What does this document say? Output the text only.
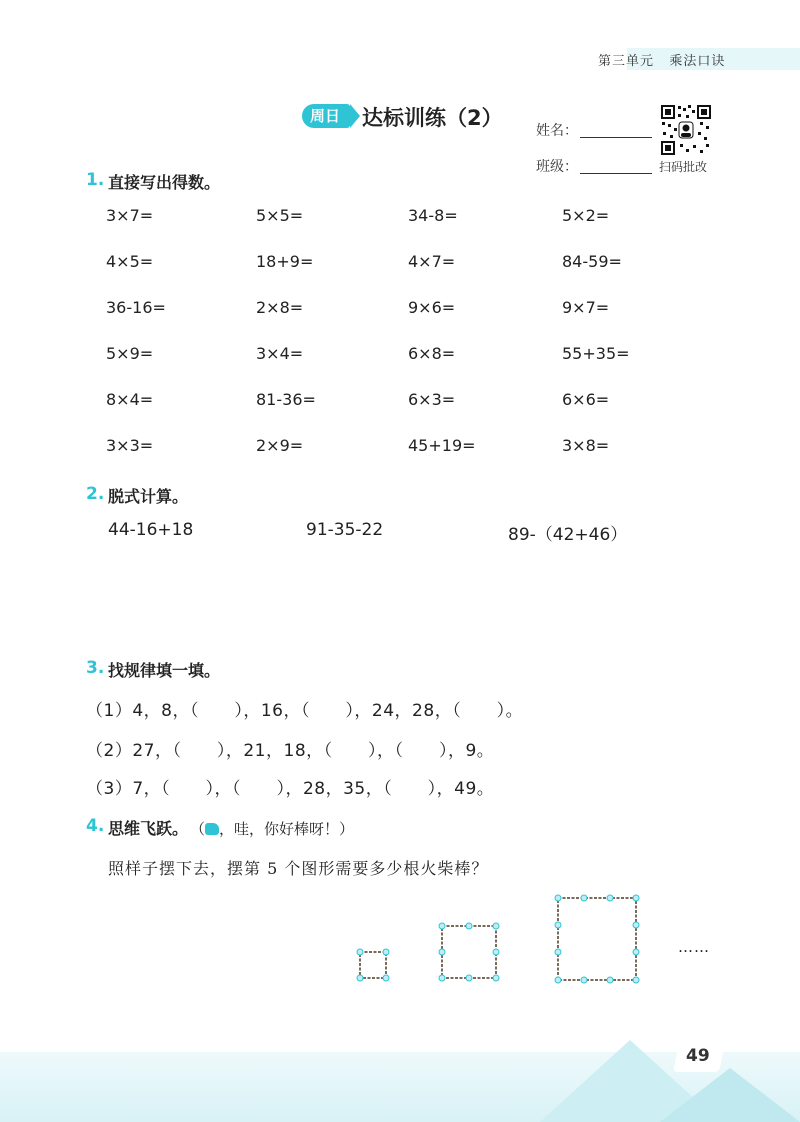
第三单元   乘法口诀
周日	达标训练（2）
姓名：
班级：	扫码批改
1. 直接写出得数。
3×7=	5×5=	34-8=	5×2=
4×5=	18+9=	4×7=	84-59=
36-16=	2×8=	9×6=	9×7=
5×9=	3×4=	6×8=	55+35=
8×4=	81-36=	6×3=	6×6=
3×3=	2×9=	45+19=	3×8=
2. 脱式计算。
44-16+18	91-35-22	89-（42+46）
3. 找规律填一填。
（1）4，8，（      ），16，（      ），24，28，（      ）。
（2）27，（      ），21，18，（      ），（      ），9。
（3）7，（      ），（      ），28，35，（      ），49。
4. 思维飞跃。 （ ，哇，你好棒呀！）
照样子摆下去，摆第 5 个图形需要多少根火柴棒？
……
49
